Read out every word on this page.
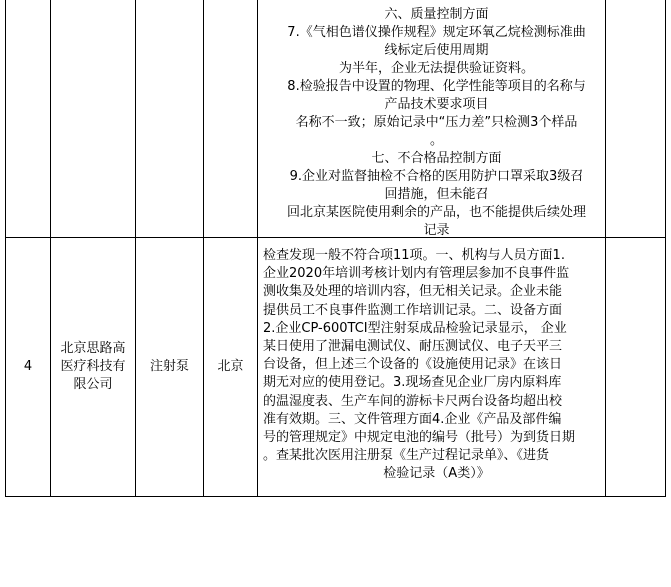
六、质量控制方面
7.《气相色谱仪操作规程》规定环氧乙烷检测标准曲
线标定后使用周期
为半年，企业无法提供验证资料。
8.检验报告中设置的物理、化学性能等项目的名称与
产品技术要求项目
名称不一致；原始记录中“压力差”只检测3个样品
。
七、不合格品控制方面
9.企业对监督抽检不合格的医用防护口罩采取3级召
回措施，但未能召
回北京某医院使用剩余的产品，也不能提供后续处理
记录
4
北京思路高
医疗科技有
限公司
注射泵 北京
检查发现一般不符合项11项。一、机构与人员方面1.
企业2020年培训考核计划内有管理层参加不良事件监
测收集及处理的培训内容，但无相关记录。企业未能
提供员工不良事件监测工作培训记录。二、设备方面
2.企业CP-600TCI型注射泵成品检验记录显示， 企业
某日使用了泄漏电测试仪、耐压测试仪、电子天平三
台设备，但上述三个设备的《设施使用记录》在该日
期无对应的使用登记。3.现场查见企业厂房内原料库
的温湿度表、生产车间的游标卡尺两台设备均超出校
准有效期。三、文件管理方面4.企业《产品及部件编
号的管理规定》中规定电池的编号（批号）为到货日期
。查某批次医用注册泵《生产过程记录单》、《进货
检验记录（A类）》
